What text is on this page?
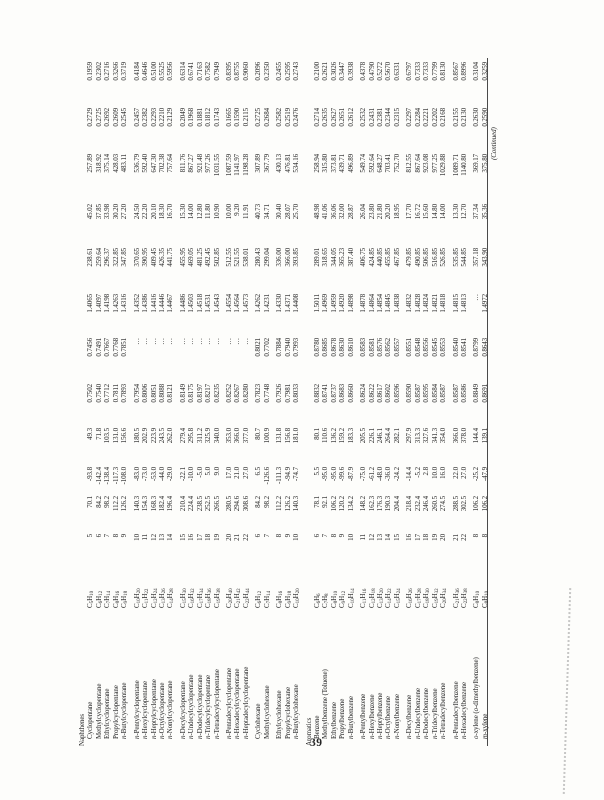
(Continued)
Naphthenes Cyclopentane
$C_5H_{10}$
5
70.1
-93.8
49.3
0.7502
0.7456
1.4065
238.61
45.02
257.89
0.2729
0.1959
Methylcyclopentane
$C_6H_{12}$
6
84.2
-142.4
71.8
0.7540
0.7491
1.4097
259.64
37.85
318.92
0.2725
0.2302
Ethylcyclopentane
$C_7H_{14}$
7
98.2
-138.4
103.5
0.7712
0.7667
1.4198
296.37
33.98
375.14
0.2692
0.2716
Propylcyclopentane
$C_8H_{16}$
8
112.2
-117.3
131.0
0.7811
0.7768
1.4263
322.85
30.20
428.03
0.2609
0.3266
n-Butylcyclopentane
$C_9H_{18}$
9
126.2
-108.0
156.6
0.7893
0.7851
1.4316
347.85
27.20
483.11
0.2545
0.3719
n-Pentylcyclopentane
$C_{10}H_{20}$
10
140.3
-83.0
180.5
0.7954
…
1.4352
370.65
24.50
536.79
0.2457
0.4184
n-Hexylcyclopentane
$C_{11}H_{22}$
11
154.3
-73.0
202.9
0.8006
…
1.4386
390.95
22.20
592.40
0.2382
0.4646
n-Heptylcyclopentane
$C_{12}H_{24}$
12
168.3
-53.0
223.9
0.8051
…
1.4416
409.45
20.10
647.30
0.2293
0.5100
n-Octylcyclopentane
$C_{13}H_{26}$
13
182.4
-44.0
243.5
0.8088
…
1.4446
426.35
18.30
702.38
0.2210
0.5525
n-Nonylcyclopentane
$C_{14}H_{28}$
14
196.4
-29.0
262.0
0.8121
…
1.4467
441.75
16.70
757.64
0.2129
0.5956
n-Decylcyclopentane
$C_{15}H_{30}$
15
210.4
-22.1
279.4
0.8149
…
1.4486
455.95
15.30
811.76
0.2049
0.6314
n-Undecylcyclopentane
$C_{16}H_{32}$
16
224.4
-10.0
295.8
0.8175
…
1.4503
469.05
14.00
867.27
0.1968
0.6741
n-Dodecylcyclopentane
$C_{17}H_{34}$
17
238.5
-5.0
311.2
0.8197
…
1.4518
481.25
12.80
921.48
0.1881
0.7163
n-Tridecylcyclopentane
$C_{18}H_{36}$
18
252.5
5.0
325.9
0.8217
…
1.4531
492.45
11.80
977.26
0.1812
0.7582
n-Tetradecylcyclopentane
$C_{19}H_{38}$
19
266.5
9.0
340.0
0.8235
…
1.4543
502.85
10.90
1031.55
0.1743
0.7949
n-Pentadecylcyclopentane
$C_{20}H_{40}$
20
280.5
17.0
353.0
0.8252
…
1.4554
512.55
10.00
1087.59
0.1665
0.8395
n-Hexadecylcyclopentane
$C_{21}H_{42}$
21
294.6
21.0
366.0
0.8267
…
1.4564
521.55
9.20
1141.97
0.1590
0.8755
n-Heptadecylcyclopentane
$C_{22}H_{44}$
22
308.6
27.0
377.0
0.8280
…
1.4573
538.01
11.91
1198.28
0.2115
0.9060
Cyclohexane
$C_6H_{12}$
6
84.2
6.5
80.7
0.7823
0.8021
1.4262
280.43
40.73
307.89
0.2725
0.2096
Methylcyclohexane
$C_7H_{14}$
7
98.2
-126.6
100.9
0.7748
0.7702
1.4231
299.04
34.71
367.79
0.2684
0.2350
Ethylcyclohexane
$C_8H_{16}$
8
112.2
-111.3
131.8
0.7926
0.7884
1.4330
336.00
30.40
430.13
0.2582
0.2455
Propylcyclohexane
$C_9H_{18}$
9
126.2
-94.9
156.8
0.7981
0.7940
1.4371
366.00
28.07
476.81
0.2519
0.2595
n-Butylcyclohexane
$C_{10}H_{20}$
10
140.3
-74.7
181.0
0.8033
0.7993
1.4408
393.85
25.70
534.16
0.2476
0.2743
Aromatics Benzene
$C_6H_6$
6
78.1
5.5
80.1
0.8832
0.8780
1.5011
289.01
48.98
258.94
0.2714
0.2100
Methylbenzene (Toluene)
$C_7H_8$
7
92.1
-95.0
110.6
0.8741
0.8685
1.4969
318.65
41.06
315.80
0.2635
0.2621
Ethylbenzene
$C_8H_{10}$
8
106.2
-95.0
136.2
0.8737
0.8678
1.4959
344.05
36.06
373.81
0.2627
0.3026
Propylbenzene
$C_9H_{12}$
9
120.2
-99.6
159.2
0.8683
0.8630
1.4920
365.23
32.00
439.71
0.2651
0.3447
n-Butylbenzene
$C_{10}H_{14}$
10
134.2
-87.9
183.3
0.8660
0.8610
1.4898
387.40
28.87
496.89
0.2612
0.3938
n-Pentylbenzene
$C_{11}H_{16}$
11
148.2
-75.0
205.5
0.8624
0.8583
1.4878
406.75
26.04
549.74
0.2532
0.4378
n-Hexylbenzene
$C_{12}H_{18}$
12
162.3
-61.2
226.1
0.8622
0.8581
1.4864
424.85
23.80
592.64
0.2431
0.4790
n-Heptylbenzene
$C_{13}H_{20}$
13
176.3
-48.0
246.1
0.8617
0.8576
1.4854
440.85
21.80
648.27
0.2381
0.5272
n-Octylbenzene
$C_{14}H_{22}$
14
190.3
-36.0
264.4
0.8602
0.8562
1.4845
455.85
20.20
703.41
0.2344
0.5670
n-Nonylbenzene
$C_{15}H_{24}$
15
204.4
-24.2
282.1
0.8596
0.8557
1.4838
467.85
18.95
752.70
0.2315
0.6331
n-Decylbenzene
$C_{16}H_{26}$
16
218.4
-14.4
297.9
0.8590
0.8551
1.4832
479.85
17.70
812.55
0.2297
0.6797
n-Undecylbenzene
$C_{17}H_{28}$
17
232.4
-5.2
313.3
0.8587
0.8548
1.4828
490.85
16.72
867.64
0.2284
0.7333
n-Dodecylbenzene
$C_{18}H_{30}$
18
246.4
2.8
327.6
0.8595
0.8556
1.4824
506.85
15.60
923.08
0.2221
0.7333
n-Tridecylbenzene
$C_{19}H_{32}$
19
260.5
10.0
341.3
0.8584
0.8545
1.4821
516.85
14.80
977.25
0.2202
0.7799
n-Tetradecylbenzene
$C_{20}H_{34}$
20
274.5
16.0
354.0
0.8587
0.8553
1.4818
526.85
14.00
1029.88
0.2168
0.8130
n-Pentadecylbenzene
$C_{21}H_{36}$
21
288.5
22.0
366.0
0.8587
0.8540
1.4815
535.85
13.30
1089.71
0.2155
0.8567
n-Hexadecylbenzene
$C_{22}H_{38}$
22
302.5
27.0
378.0
0.8586
0.8541
1.4813
544.85
12.70
1140.80
0.2130
0.8996
o-xylene (o-dimethylbenzene)
$C_8H_{10}$
8
106.2
-25.2
144.4
0.8849
0.8799
…
357.18
37.34
369.17
0.2630
0.3104
m-xylene
$C_8H_{10}$
8
106.2
-47.9
139.1
0.8691
0.8643
1.4972
343.90
35.36
375.80
0.2590
0.3259
39
